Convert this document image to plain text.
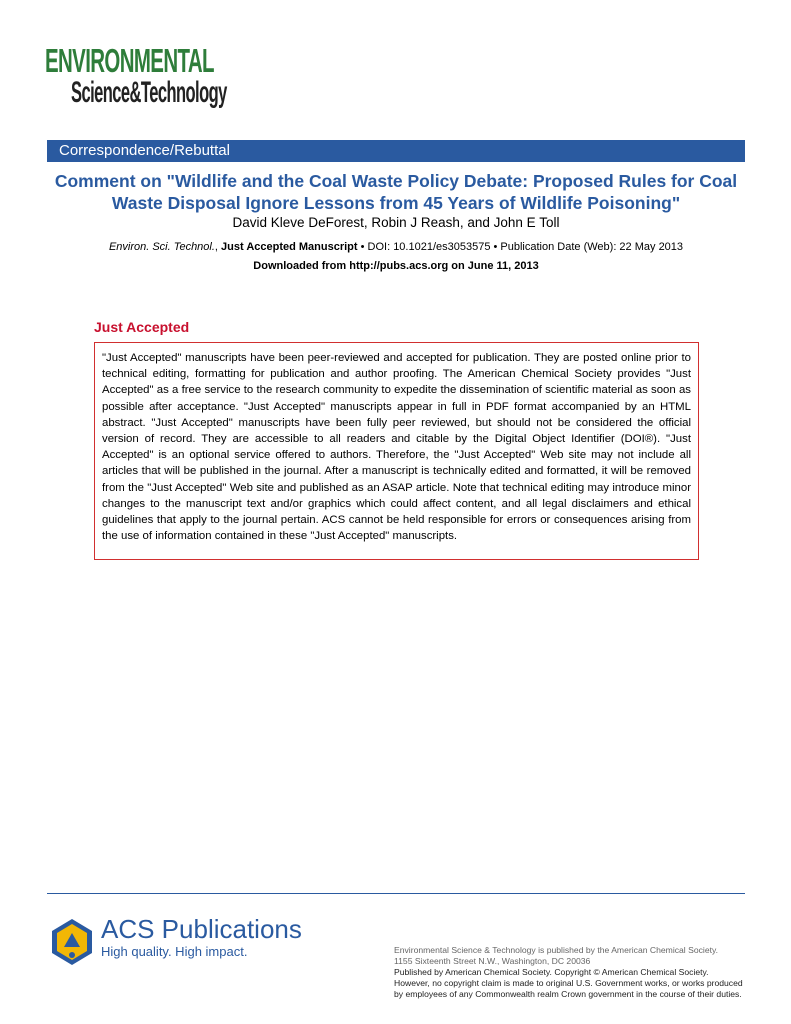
ENVIRONMENTAL
Science&Technology
Correspondence/Rebuttal
Comment on "Wildlife and the Coal Waste Policy Debate: Proposed Rules for Coal Waste Disposal Ignore Lessons from 45 Years of Wildlife Poisoning"
David Kleve DeForest, Robin J Reash, and John E Toll
Environ. Sci. Technol., Just Accepted Manuscript • DOI: 10.1021/es3053575 • Publication Date (Web): 22 May 2013
Downloaded from http://pubs.acs.org on June 11, 2013
Just Accepted

"Just Accepted" manuscripts have been peer-reviewed and accepted for publication. They are posted online prior to technical editing, formatting for publication and author proofing. The American Chemical Society provides "Just Accepted" as a free service to the research community to expedite the dissemination of scientific material as soon as possible after acceptance. "Just Accepted" manuscripts appear in full in PDF format accompanied by an HTML abstract. "Just Accepted" manuscripts have been fully peer reviewed, but should not be considered the official version of record. They are accessible to all readers and citable by the Digital Object Identifier (DOI®). "Just Accepted" is an optional service offered to authors. Therefore, the "Just Accepted" Web site may not include all articles that will be published in the journal. After a manuscript is technically edited and formatted, it will be removed from the "Just Accepted" Web site and published as an ASAP article. Note that technical editing may introduce minor changes to the manuscript text and/or graphics which could affect content, and all legal disclaimers and ethical guidelines that apply to the journal pertain. ACS cannot be held responsible for errors or consequences arising from the use of information contained in these "Just Accepted" manuscripts.

ACS Publications
High quality. High impact.	Environmental Science & Technology is published by the American Chemical Society.
1155 Sixteenth Street N.W., Washington, DC 20036
Published by American Chemical Society. Copyright © American Chemical Society.
However, no copyright claim is made to original U.S. Government works, or works produced by employees of any Commonwealth realm Crown government in the course of their duties.
